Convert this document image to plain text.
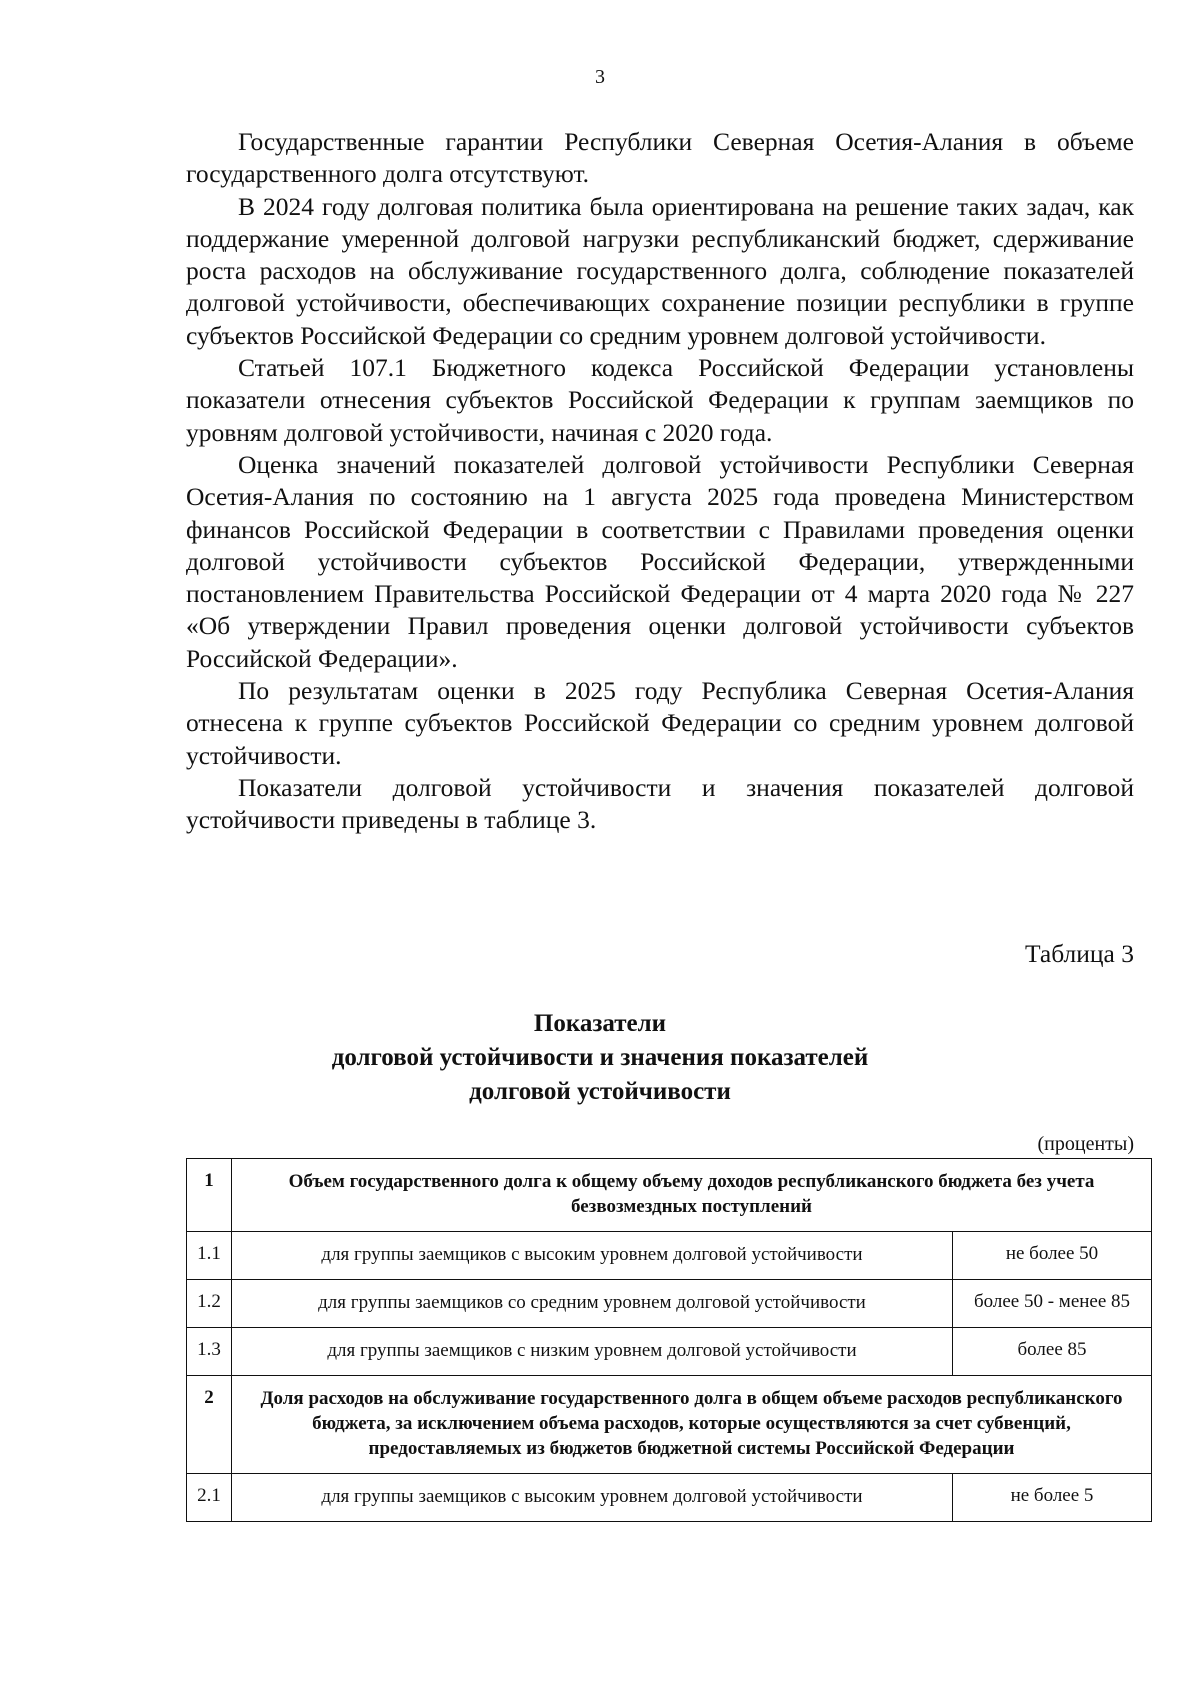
3

Государственные гарантии Республики Северная Осетия-Алания в объеме государственного долга отсутствуют.

В 2024 году долговая политика была ориентирована на решение таких задач, как поддержание умеренной долговой нагрузки республиканский бюджет, сдерживание роста расходов на обслуживание государственного долга, соблюдение показателей долговой устойчивости, обеспечивающих сохранение позиции республики в группе субъектов Российской Федерации со средним уровнем долговой устойчивости.

Статьей 107.1 Бюджетного кодекса Российской Федерации установлены показатели отнесения субъектов Российской Федерации к группам заемщиков по уровням долговой устойчивости, начиная с 2020 года.

Оценка значений показателей долговой устойчивости Республики Северная Осетия-Алания по состоянию на 1 августа 2025 года проведена Министерством финансов Российской Федерации в соответствии с Правилами проведения оценки долговой устойчивости субъектов Российской Федерации, утвержденными постановлением Правительства Российской Федерации от 4 марта 2020 года № 227 «Об утверждении Правил проведения оценки долговой устойчивости субъектов Российской Федерации».

По результатам оценки в 2025 году Республика Северная Осетия-Алания отнесена к группе субъектов Российской Федерации со средним уровнем долговой устойчивости.

Показатели долговой устойчивости и значения показателей долговой устойчивости приведены в таблице 3.

Таблица 3
Показатели
долговой устойчивости и значения показателей
долговой устойчивости
(проценты)
1	Объем государственного долга к общему объему доходов республиканского бюджета без учета безвозмездных поступлений	
1.1	для группы заемщиков с высоким уровнем долговой устойчивости	не более 50
1.2	для группы заемщиков со средним уровнем долговой устойчивости	более 50 - менее 85
1.3	для группы заемщиков с низким уровнем долговой устойчивости	более 85
2	Доля расходов на обслуживание государственного долга в общем объеме расходов республиканского бюджета, за исключением объема расходов, которые осуществляются за счет субвенций, предоставляемых из бюджетов бюджетной системы Российской Федерации	
2.1	для группы заемщиков с высоким уровнем долговой устойчивости	не более 5
